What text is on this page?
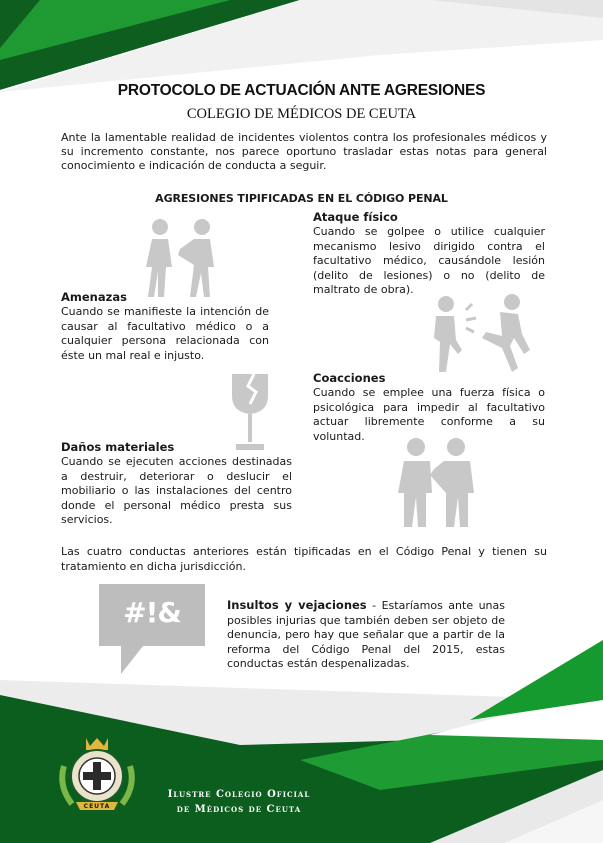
PROTOCOLO DE ACTUACIÓN ANTE AGRESIONES
COLEGIO DE MÉDICOS DE CEUTA
Ante la lamentable realidad de incidentes violentos contra los profesionales médicos y su incremento constante, nos parece oportuno trasladar estas notas para general conocimiento e indicación de conducta a seguir.
AGRESIONES TIPIFICADAS EN EL CÓDIGO PENAL
Ataque físico
Cuando se golpee o utilice cualquier mecanismo lesivo dirigido contra el facultativo médico, causándole lesión (delito de lesiones) o no (delito de maltrato de obra).
Amenazas
Cuando se manifieste la intención de causar al facultativo médico o a cualquier persona relacionada con éste un mal real e injusto.
Coacciones
Cuando se emplee una fuerza física o psicológica para impedir al facultativo actuar libremente conforme a su voluntad.
Daños materiales
Cuando se ejecuten acciones destinadas a destruir, deteriorar o deslucir el mobiliario o las instalaciones del centro donde el personal médico presta sus servicios.
Las cuatro conductas anteriores están tipificadas en el Código Penal y tienen su tratamiento en dicha jurisdicción.
#!&	Insultos y vejaciones - Estaríamos ante unas posibles injurias que también deben ser objeto de denuncia, pero hay que señalar que a partir de la reforma del Código Penal del 2015, estas conductas están despenalizadas.
CEUTA
Ilustre Colegio Oficial
de Médicos de Ceuta
